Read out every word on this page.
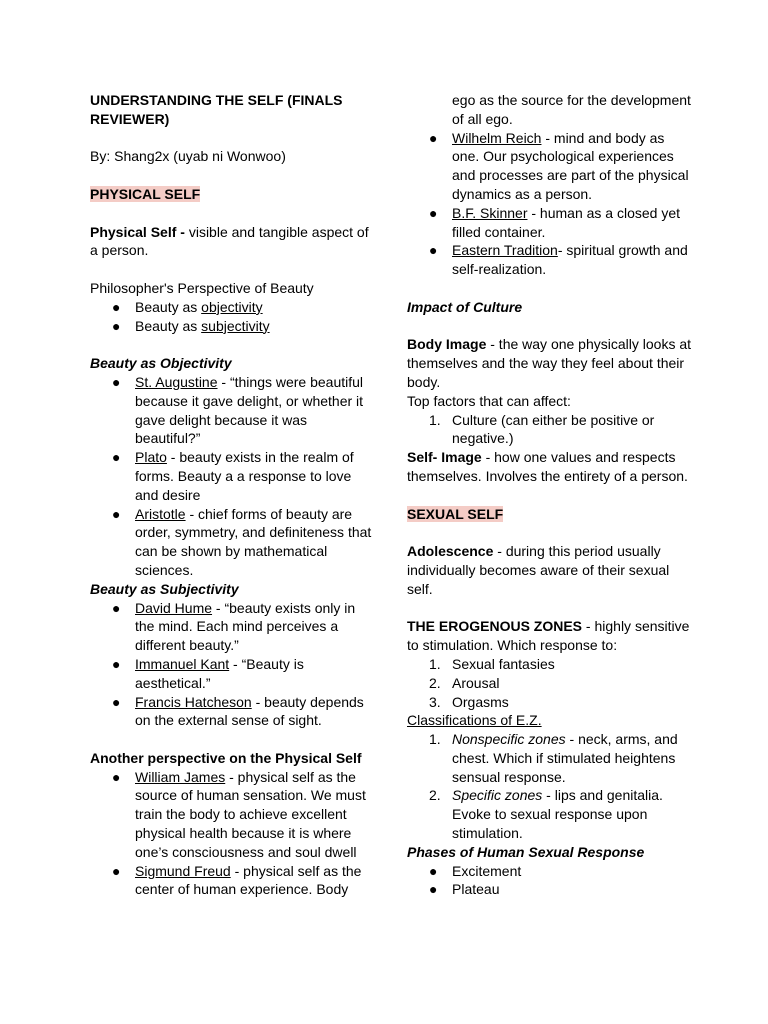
UNDERSTANDING THE SELF (FINALS REVIEWER)

By: Shang2x (uyab ni Wonwoo)

PHYSICAL SELF

Physical Self - visible and tangible aspect of a person.

Philosopher's Perspective of Beauty

●	Beauty as objectivity
●	Beauty as subjectivity

Beauty as Objectivity

●	St. Augustine - “things were beautiful because it gave delight, or whether it gave delight because it was beautiful?”
●	Plato - beauty exists in the realm of forms. Beauty a a response to love and desire
●	Aristotle - chief forms of beauty are order, symmetry, and definiteness that can be shown by mathematical sciences.

Beauty as Subjectivity

●	David Hume - “beauty exists only in the mind. Each mind perceives a different beauty.”
●	Immanuel Kant - “Beauty is aesthetical.”
●	Francis Hatcheson - beauty depends on the external sense of sight.

Another perspective on the Physical Self

●	William James - physical self as the source of human sensation. We must train the body to achieve excellent physical health because it is where one’s consciousness and soul dwell
●	Sigmund Freud - physical self as the center of human experience. Body

ego as the source for the development of all ego.

●	Wilhelm Reich - mind and body as one. Our psychological experiences and processes are part of the physical dynamics as a person.
●	B.F. Skinner - human as a closed yet filled container.
●	Eastern Tradition- spiritual growth and self-realization.

Impact of Culture

Body Image - the way one physically looks at themselves and the way they feel about their body.

Top factors that can affect:

1. Culture (can either be positive or negative.)

Self- Image - how one values and respects themselves. Involves the entirety of a person.

SEXUAL SELF

Adolescence - during this period usually individually becomes aware of their sexual self.

THE EROGENOUS ZONES - highly sensitive to stimulation. Which response to:

1. Sexual fantasies
2. Arousal
3. Orgasms

Classifications of E.Z.

1. Nonspecific zones - neck, arms, and chest. Which if stimulated heightens sensual response.
2. Specific zones - lips and genitalia. Evoke to sexual response upon stimulation.

Phases of Human Sexual Response

●	Excitement
●	Plateau
